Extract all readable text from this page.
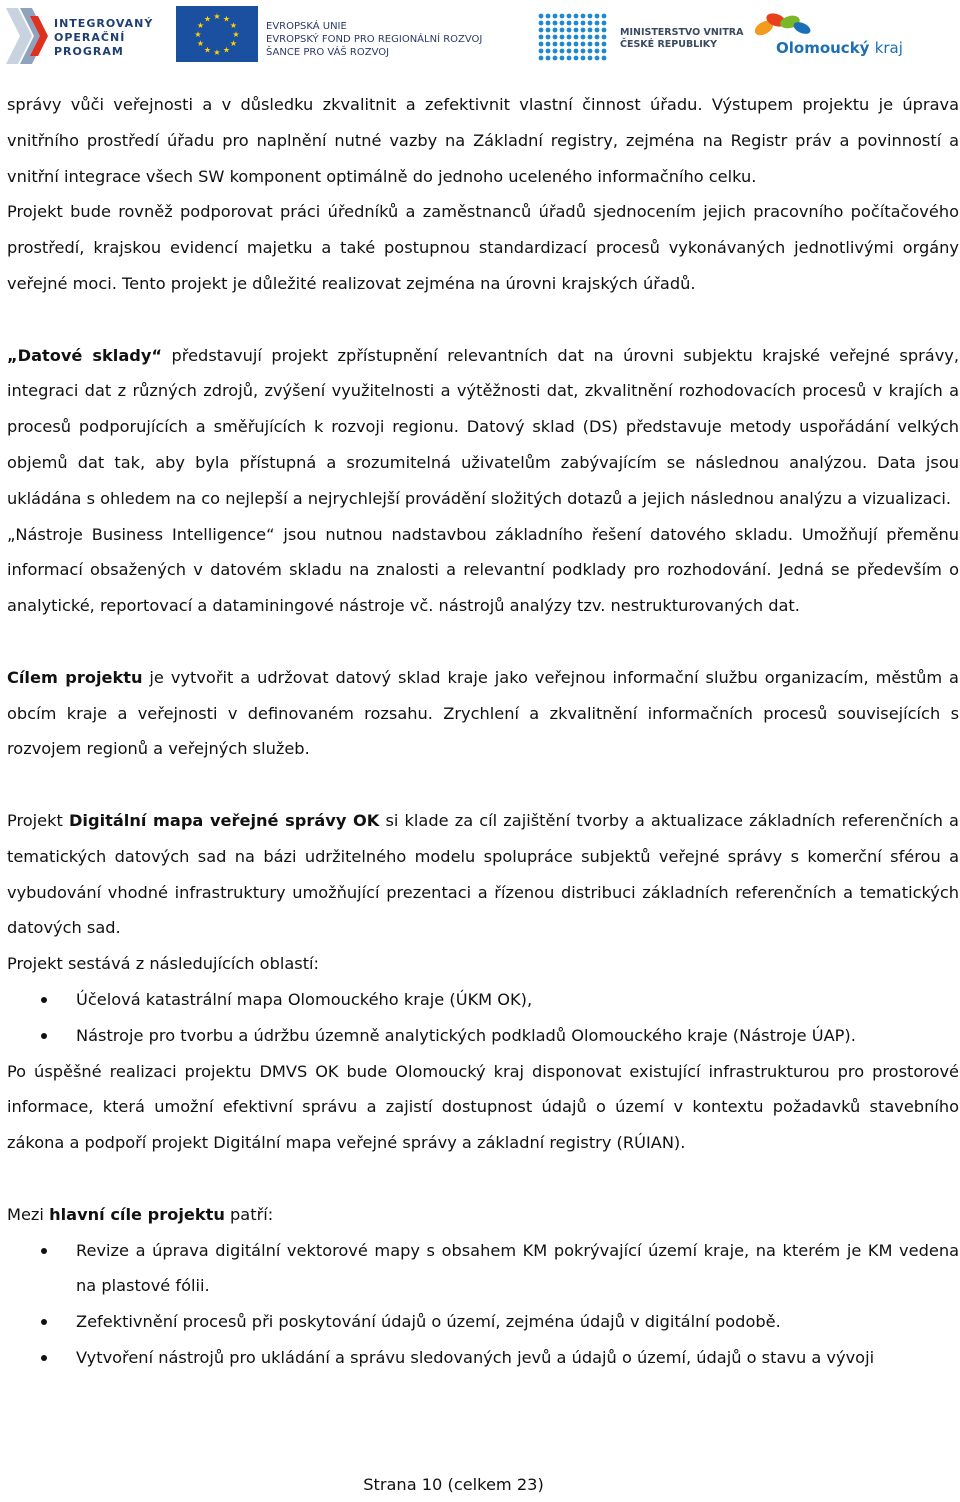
INTEGROVANÝ
OPERAČNÍ
PROGRAM
★ ★
★
★
★
★
★
★
★
★
★
★
EVROPSKÁ UNIE
EVROPSKÝ FOND PRO REGIONÁLNÍ ROZVOJ
ŠANCE PRO VÁŠ ROZVOJ
MINISTERSTVO VNITRA
ČESKÉ REPUBLIKY	Olomoucký kraj

správy vůči veřejnosti a v důsledku zkvalitnit a zefektivnit vlastní činnost úřadu. Výstupem projektu je úprava vnitřního prostředí úřadu pro naplnění nutné vazby na Základní registry, zejména na Registr práv a povinností a vnitřní integrace všech SW komponent optimálně do jednoho uceleného informačního celku.

Projekt bude rovněž podporovat práci úředníků a zaměstnanců úřadů sjednocením jejich pracovního počítačového prostředí, krajskou evidencí majetku a také postupnou standardizací procesů vykonávaných jednotlivými orgány veřejné moci. Tento projekt je důležité realizovat zejména na úrovni krajských úřadů.

„Datové sklady“ představují projekt zpřístupnění relevantních dat na úrovni subjektu krajské veřejné správy, integraci dat z různých zdrojů, zvýšení využitelnosti a výtěžnosti dat, zkvalitnění rozhodovacích procesů v krajích a procesů podporujících a směřujících k rozvoji regionu. Datový sklad (DS) představuje metody uspořádání velkých objemů dat tak, aby byla přístupná a srozumitelná uživatelům zabývajícím se následnou analýzou. Data jsou ukládána s ohledem na co nejlepší a nejrychlejší provádění složitých dotazů a jejich následnou analýzu a vizualizaci.

„Nástroje Business Intelligence“ jsou nutnou nadstavbou základního řešení datového skladu. Umožňují přeměnu informací obsažených v datovém skladu na znalosti a relevantní podklady pro rozhodování. Jedná se především o analytické, reportovací a dataminingové nástroje vč. nástrojů analýzy tzv. nestrukturovaných dat.

Cílem projektu je vytvořit a udržovat datový sklad kraje jako veřejnou informační službu organizacím, městům a obcím kraje a veřejnosti v definovaném rozsahu. Zrychlení a zkvalitnění informačních procesů souvisejících s rozvojem regionů a veřejných služeb.

Projekt Digitální mapa veřejné správy OK si klade za cíl zajištění tvorby a aktualizace základních referenčních a tematických datových sad na bázi udržitelného modelu spolupráce subjektů veřejné správy s komerční sférou a vybudování vhodné infrastruktury umožňující prezentaci a řízenou distribuci základních referenčních a tematických datových sad.

Projekt sestává z následujících oblastí:

Účelová katastrální mapa Olomouckého kraje (ÚKM OK),
Nástroje pro tvorbu a údržbu územně analytických podkladů Olomouckého kraje (Nástroje ÚAP).

Po úspěšné realizaci projektu DMVS OK bude Olomoucký kraj disponovat existující infrastrukturou pro prostorové informace, která umožní efektivní správu a zajistí dostupnost údajů o území v kontextu požadavků stavebního zákona a podpoří projekt Digitální mapa veřejné správy a základní registry (RÚIAN).

Mezi hlavní cíle projektu patří:

Revize a úprava digitální vektorové mapy s obsahem KM pokrývající území kraje, na kterém je KM vedena na plastové fólii.
Zefektivnění procesů při poskytování údajů o území, zejména údajů v digitální podobě.
Vytvoření nástrojů pro ukládání a správu sledovaných jevů a údajů o území, údajů o stavu a vývoji
Strana 10 (celkem 23)
